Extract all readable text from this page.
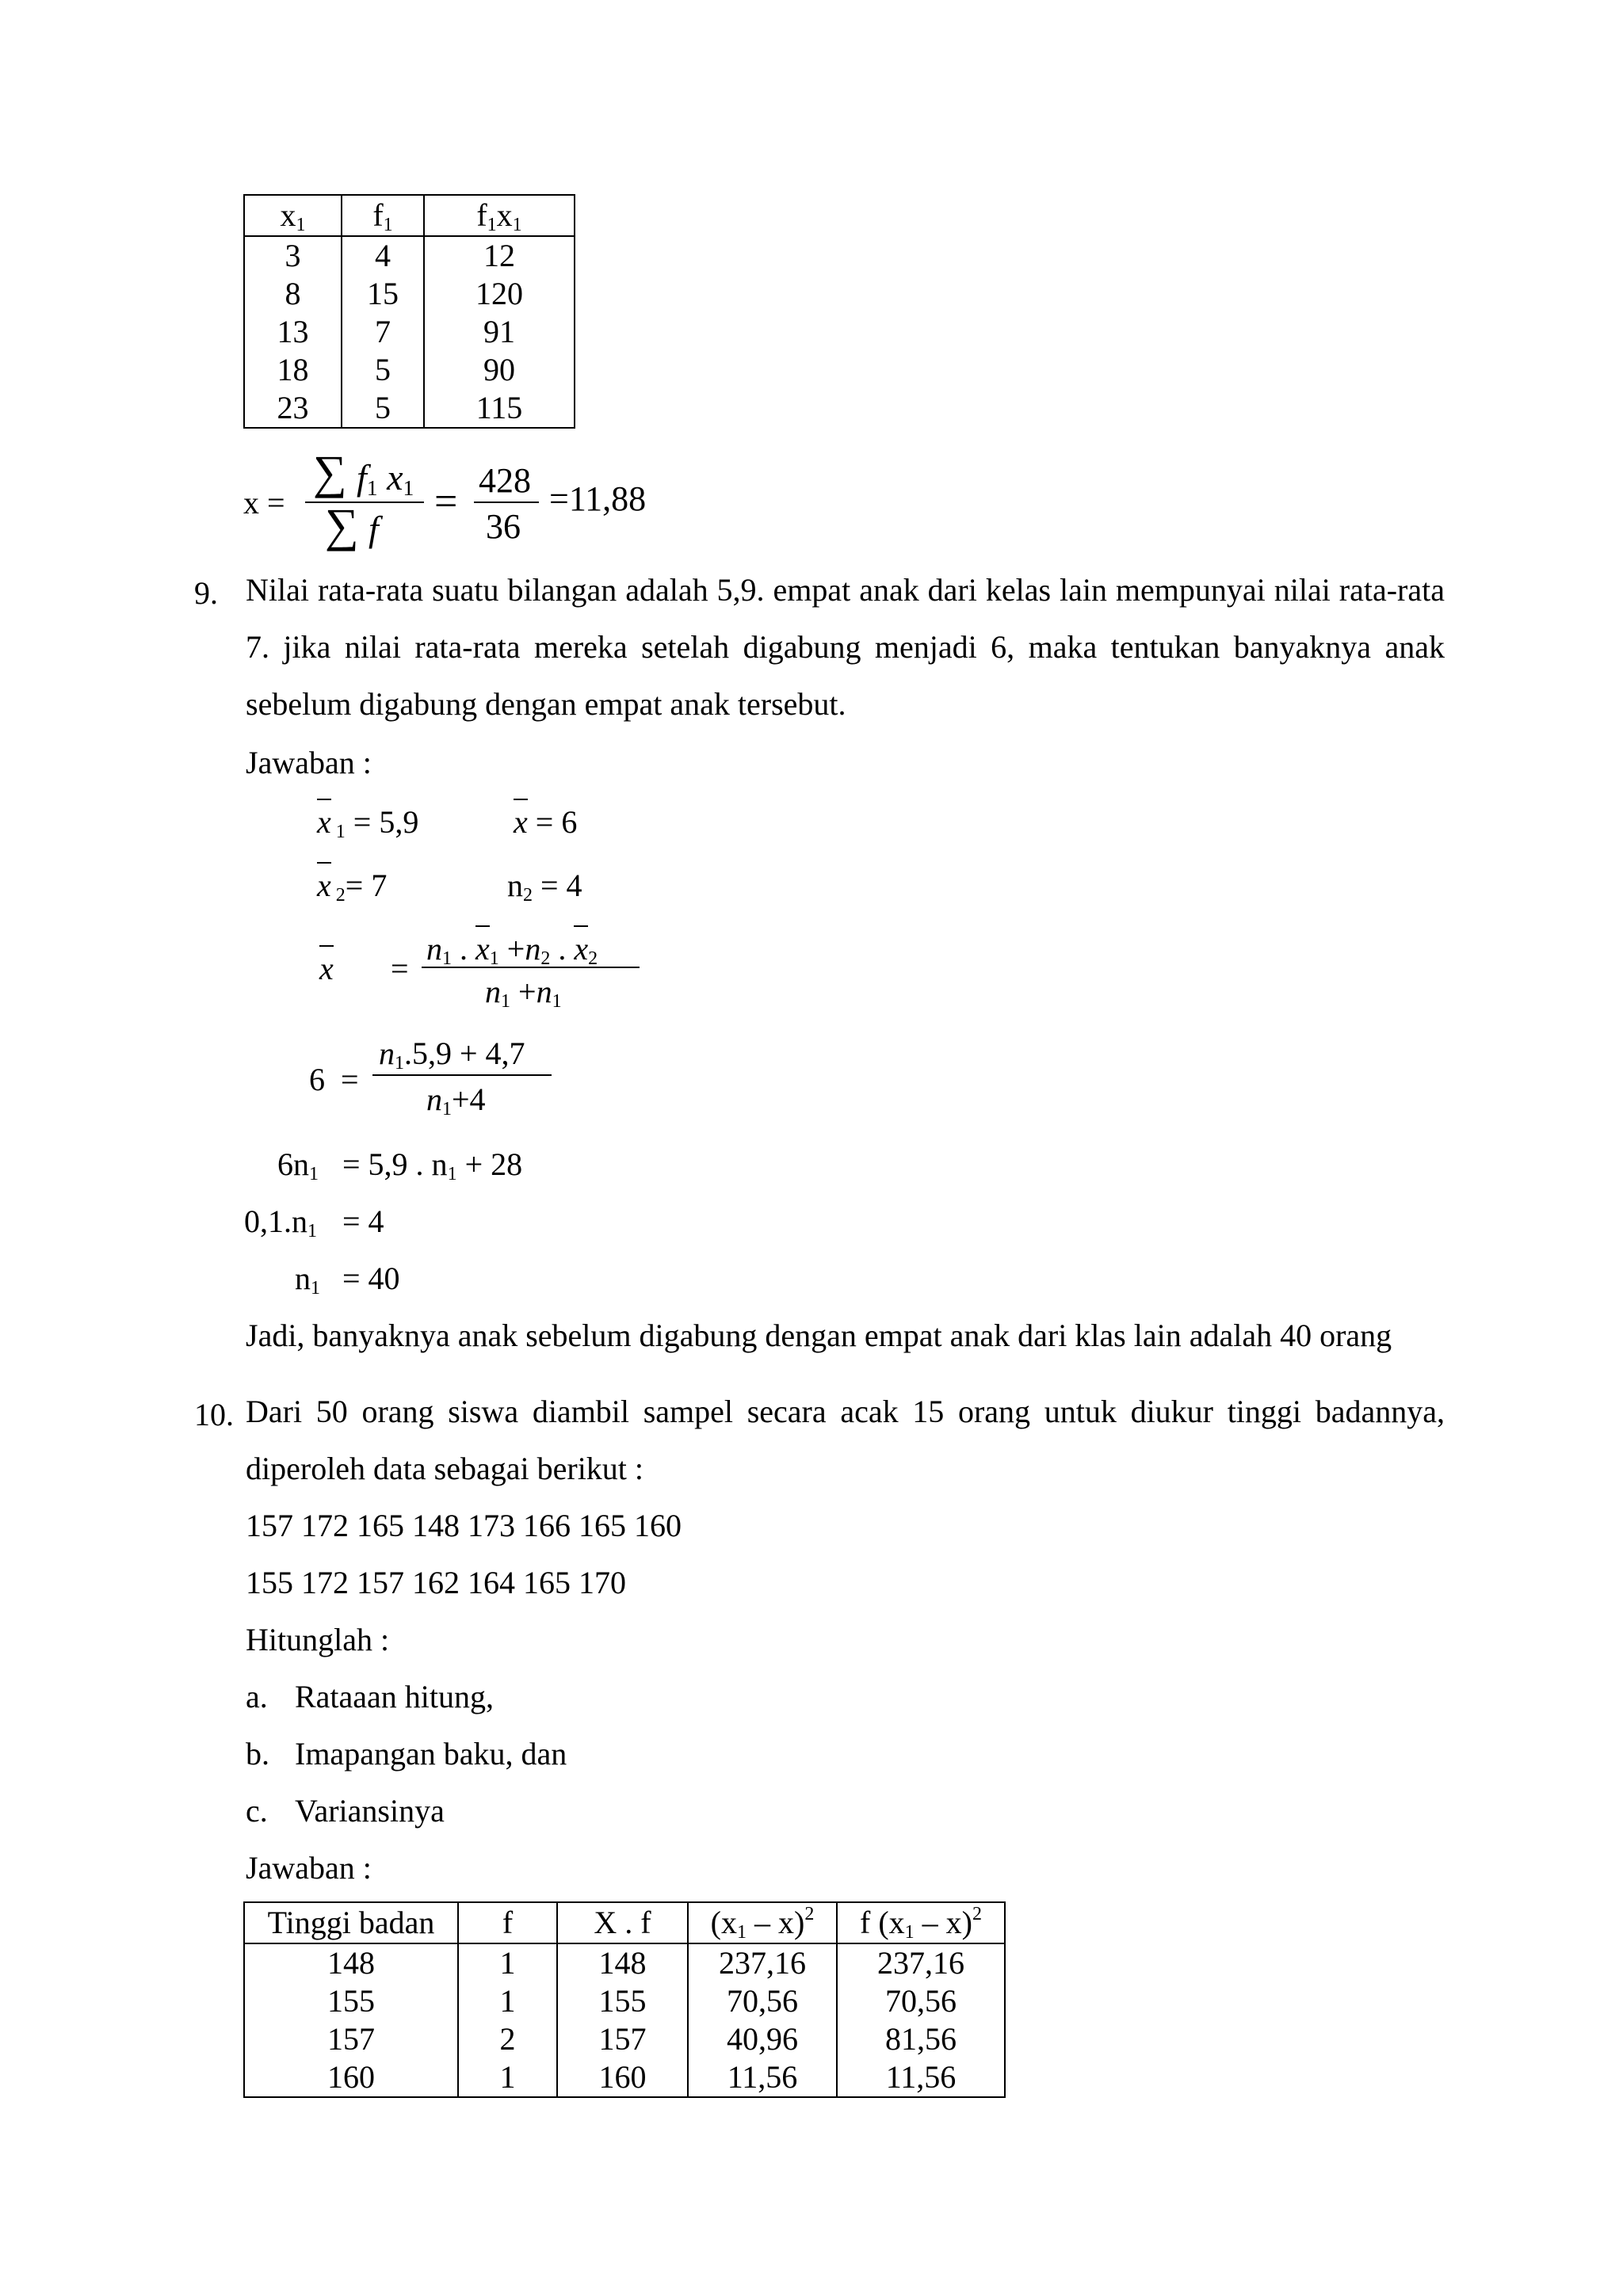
$x_1$	$f_1$	$f_1x_1$
3	4	12
8	15	120
13	7	91
18	5	90
23	5	115
x =
∑ $f_1$ $x_1$
∑ f
= 428
36
=11,88
9. Nilai rata-rata suatu bilangan adalah 5,9. empat anak dari kelas lain mempunyai nilai rata-rata 7. jika nilai rata-rata mereka setelah digabung menjadi 6, maka tentukan banyaknya anak sebelum digabung dengan empat anak tersebut.
Jawaban :
x $_1$ = 5,9	x = 6
x $_2$= 7	$n_2 = 4$
x =
$n_1$ . $x_1 +n_2$ . $x_2$
$n_1 +n_1$
6 =
$n_1.5,9 + 4,7$
$n_1+4$
$6n_1 = 5,9$ . $n_1 + 28$
$0,1.n_1 = 4$
$n_1 = 40$
Jadi, banyaknya anak sebelum digabung dengan empat anak dari klas lain adalah 40 orang
10. Dari 50 orang siswa diambil sampel secara acak 15 orang untuk diukur tinggi badannya, diperoleh data sebagai berikut :
157 172 165 148 173 166 165 160
155 172 157 162 164 165 170
Hitunglah :
a. Rataaan hitung,
b. Imapangan baku, dan
c. Variansinya
Jawaban :
Tinggi badan	f	X . f	$(x_1 - x)^2$	f $(x_1 - x)^2$
148	1	148	237,16	237,16
155	1	155	70,56	70,56
157	2	157	40,96	81,56
160	1	160	11,56	11,56
